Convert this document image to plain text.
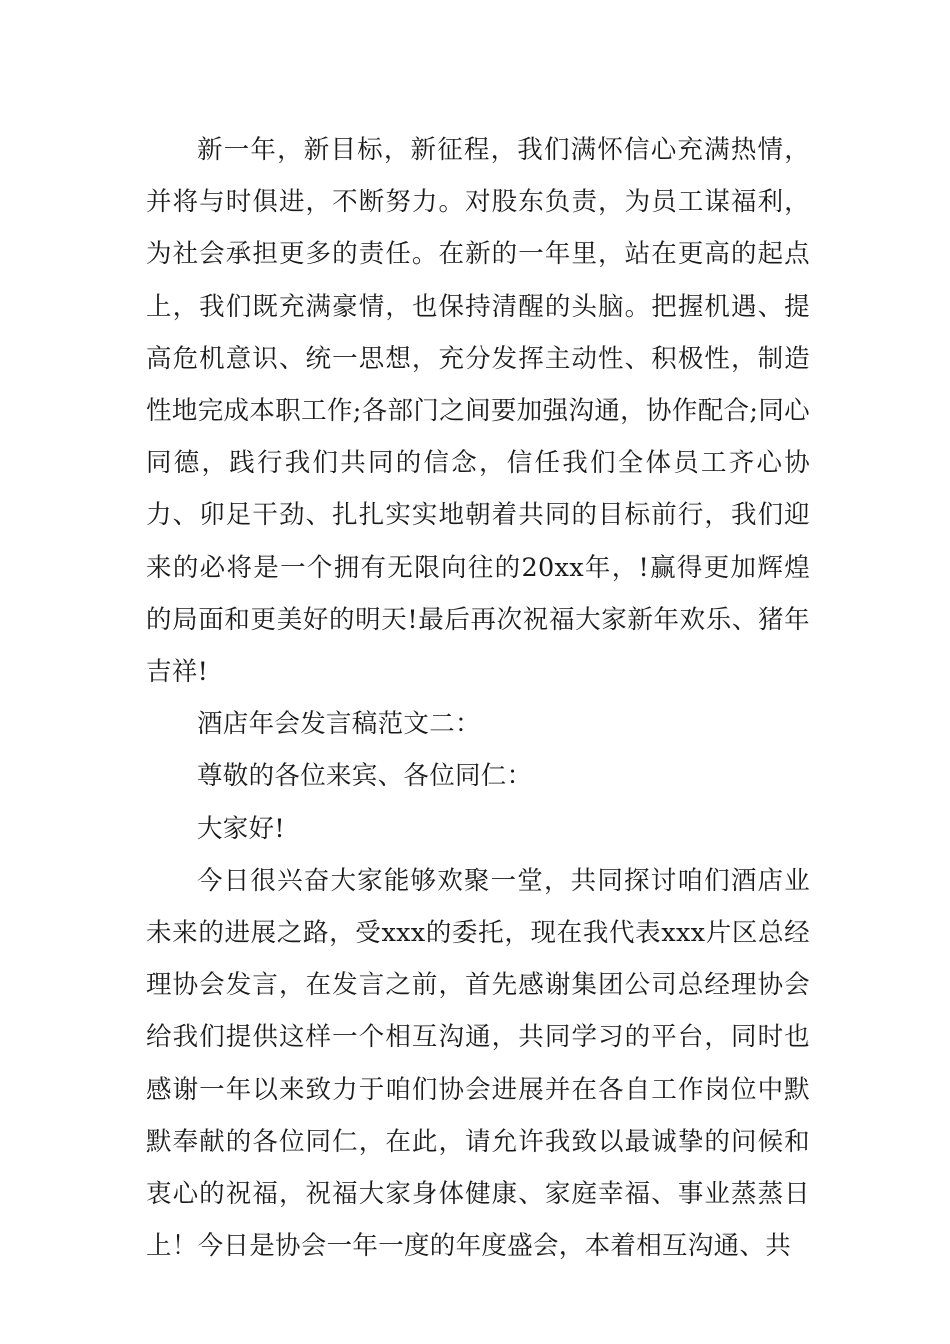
新一年，新目标，新征程，我们满怀信心充满热情，并将与时俱进，不断努力。对股东负责，为员工谋福利，为社会承担更多的责任。在新的一年里，站在更高的起点上，我们既充满豪情，也保持清醒的头脑。把握机遇、提高危机意识、统一思想，充分发挥主动性、积极性，制造性地完成本职工作;各部门之间要加强沟通，协作配合;同心同德，践行我们共同的信念，信任我们全体员工齐心协力、卯足干劲、扎扎实实地朝着共同的目标前行，我们迎来的必将是一个拥有无限向往的20xx年，!赢得更加辉煌的局面和更美好的明天!最后再次祝福大家新年欢乐、猪年吉祥!

酒店年会发言稿范文二：

尊敬的各位来宾、各位同仁：

大家好!

今日很兴奋大家能够欢聚一堂，共同探讨咱们酒店业未来的进展之路，受xxx的委托，现在我代表xxx片区总经理协会发言，在发言之前，首先感谢集团公司总经理协会给我们提供这样一个相互沟通，共同学习的平台，同时也感谢一年以来致力于咱们协会进展并在各自工作岗位中默默奉献的各位同仁，在此，请允许我致以最诚挚的问候和衷心的祝福，祝福大家身体健康、家庭幸福、事业蒸蒸日上！今日是协会一年一度的年度盛会，本着相互沟通、共
